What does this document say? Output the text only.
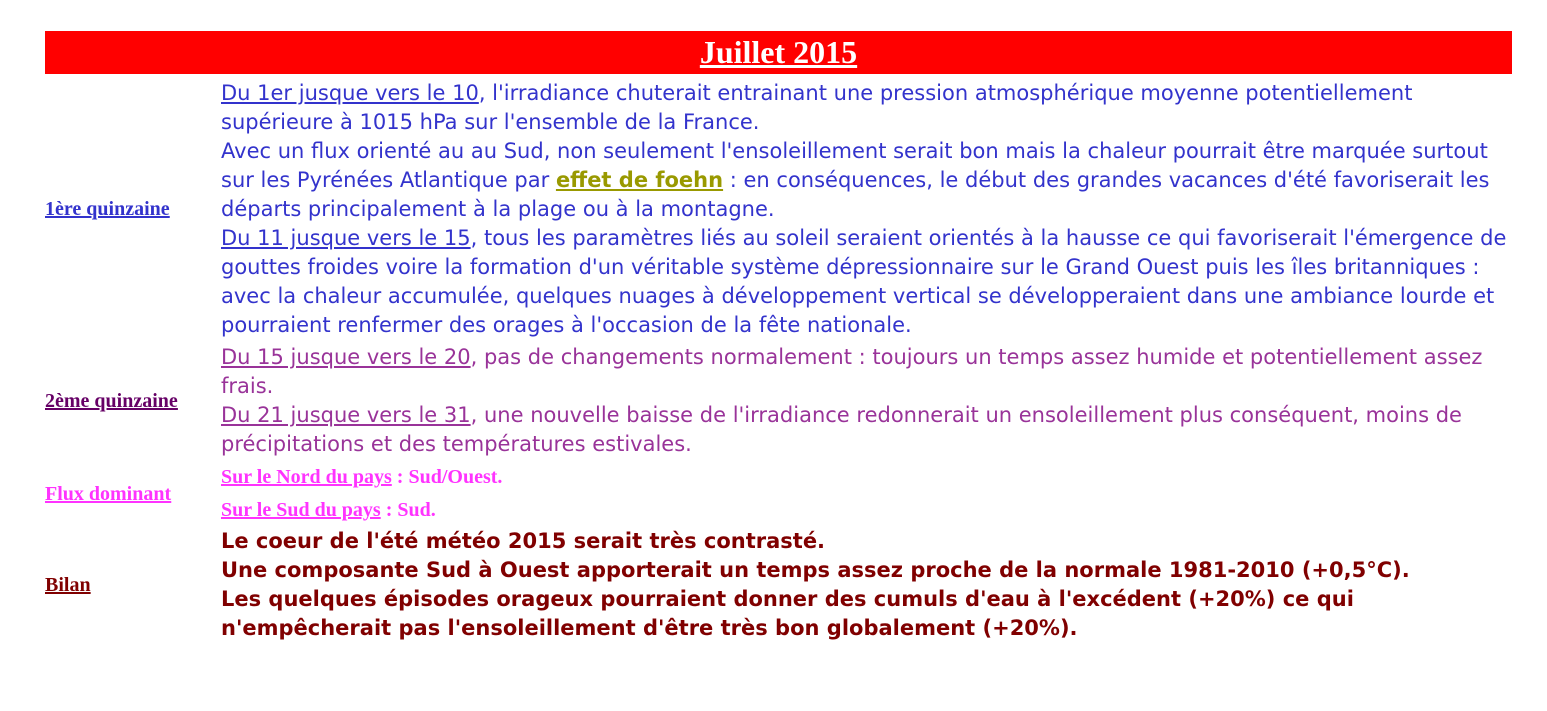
Juillet 2015
1ère quinzaine	Du 1er jusque vers le 10, l'irradiance chuterait entrainant une pression atmosphérique moyenne potentiellement supérieure à 1015 hPa sur l'ensemble de la France.
Avec un flux orienté au au Sud, non seulement l'ensoleillement serait bon mais la chaleur pourrait être marquée surtout sur les Pyrénées Atlantique par effet de foehn : en conséquences, le début des grandes vacances d'été favoriserait les départs principalement à la plage ou à la montagne.
Du 11 jusque vers le 15, tous les paramètres liés au soleil seraient orientés à la hausse ce qui favoriserait l'émergence de gouttes froides voire la formation d'un véritable système dépressionnaire sur le Grand Ouest puis les îles britanniques : avec la chaleur accumulée, quelques nuages à développement vertical se développeraient dans une ambiance lourde et pourraient renfermer des orages à l'occasion de la fête nationale.

2ème quinzaine	Du 15 jusque vers le 20, pas de changements normalement : toujours un temps assez humide et potentiellement assez frais.
Du 21 jusque vers le 31, une nouvelle baisse de l'irradiance redonnerait un ensoleillement plus conséquent, moins de précipitations et des températures estivales.

Flux dominant	Sur le Nord du pays : Sud/Ouest.
Sur le Sud du pays : Sud.

Bilan	Le coeur de l'été météo 2015 serait très contrasté.
Une composante Sud à Ouest apporterait un temps assez proche de la normale 1981-2010 (+0,5°C).
Les quelques épisodes orageux pourraient donner des cumuls d'eau à l'excédent (+20%) ce qui n'empêcherait pas l'ensoleillement d'être très bon globalement (+20%).
